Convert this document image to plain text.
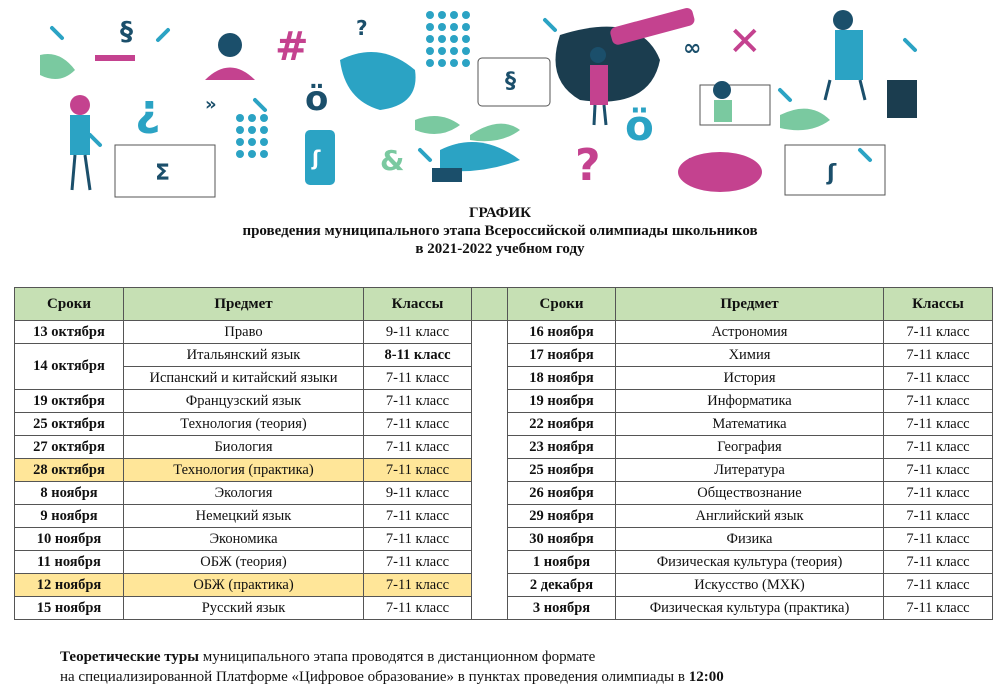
§
¿
Σ
»
# ?
ö
ʃ &
§
?
ö
∞ ✕
ʃ
ГРАФИК
проведения муниципального этапа Всероссийской олимпиады школьников
в 2021-2022 учебном году
Сроки	Предмет	Классы		Сроки	Предмет	Классы
13 октября	Право	9-11 класс		16 ноября	Астрономия	7-11 класс
14 октября	Итальянский язык	8-11 класс		17 ноября	Химия	7-11 класс
	Испанский и китайский языки	7-11 класс		18 ноября	История	7-11 класс
19 октября	Французский язык	7-11 класс		19 ноября	Информатика	7-11 класс
25 октября	Технология (теория)	7-11 класс		22 ноября	Математика	7-11 класс
27 октября	Биология	7-11 класс		23 ноября	География	7-11 класс
28 октября	Технология (практика)	7-11 класс		25 ноября	Литература	7-11 класс
8 ноября	Экология	9-11 класс		26 ноября	Обществознание	7-11 класс
9 ноября	Немецкий язык	7-11 класс		29 ноября	Английский язык	7-11 класс
10 ноября	Экономика	7-11 класс		30 ноября	Физика	7-11 класс
11 ноября	ОБЖ (теория)	7-11 класс		1 ноября	Физическая культура (теория)	7-11 класс
12 ноября	ОБЖ (практика)	7-11 класс		2 декабря	Искусство (МХК)	7-11 класс
15 ноября	Русский язык	7-11 класс		3 ноября	Физическая культура (практика)	7-11 класс
Теоретические туры муниципального этапа проводятся в дистанционном формате
на специализированной Платформе «Цифровое образование» в пунктах проведения олимпиады в 12:00
